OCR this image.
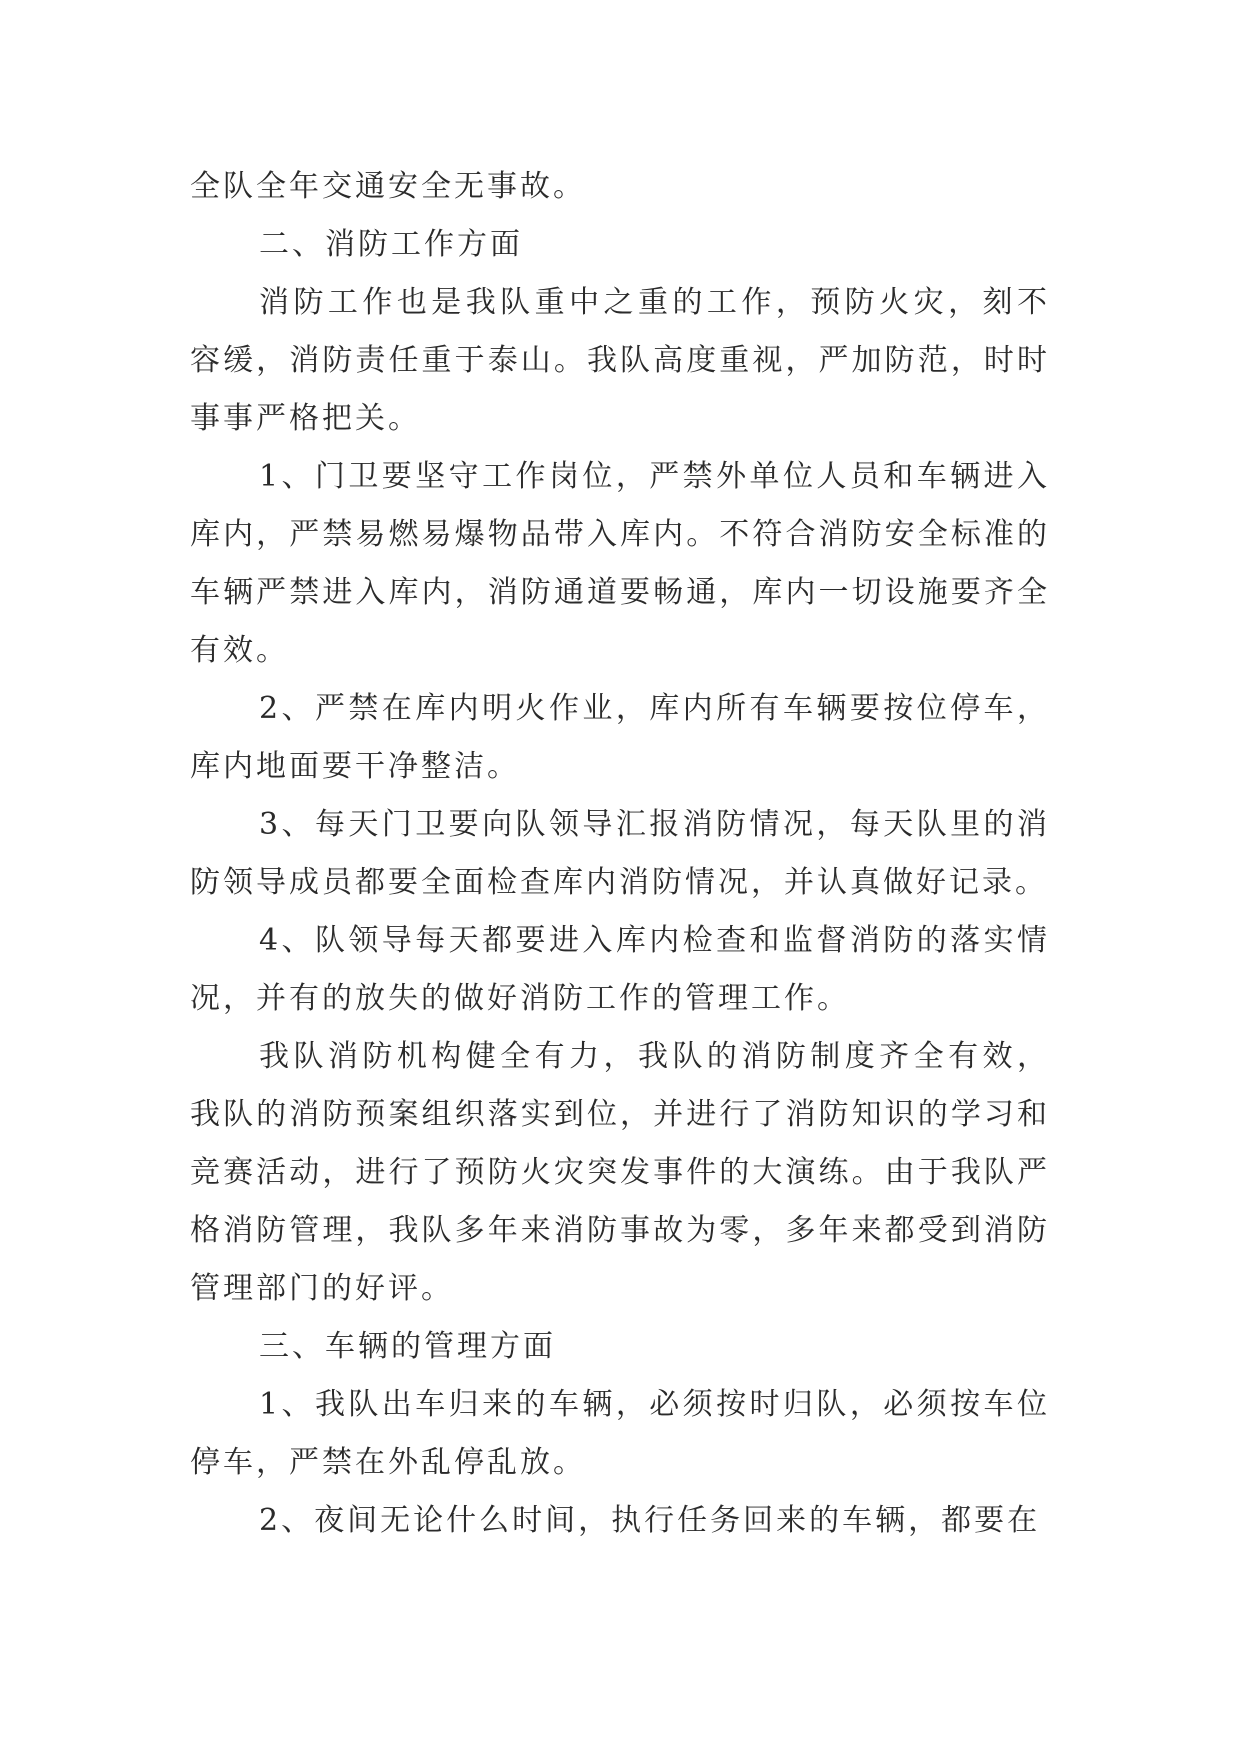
全队全年交通安全无事故。

二、消防工作方面

消防工作也是我队重中之重的工作，预防火灾，刻不容缓，消防责任重于泰山。我队高度重视，严加防范，时时事事严格把关。

1、门卫要坚守工作岗位，严禁外单位人员和车辆进入库内，严禁易燃易爆物品带入库内。不符合消防安全标准的车辆严禁进入库内，消防通道要畅通，库内一切设施要齐全有效。

2、严禁在库内明火作业，库内所有车辆要按位停车，库内地面要干净整洁。

3、每天门卫要向队领导汇报消防情况，每天队里的消防领导成员都要全面检查库内消防情况，并认真做好记录。

4、队领导每天都要进入库内检查和监督消防的落实情况，并有的放失的做好消防工作的管理工作。

我队消防机构健全有力，我队的消防制度齐全有效，我队的消防预案组织落实到位，并进行了消防知识的学习和竞赛活动，进行了预防火灾突发事件的大演练。由于我队严格消防管理，我队多年来消防事故为零，多年来都受到消防管理部门的好评。

三、车辆的管理方面

1、我队出车归来的车辆，必须按时归队，必须按车位停车，严禁在外乱停乱放。

2、夜间无论什么时间，执行任务回来的车辆，都要在
